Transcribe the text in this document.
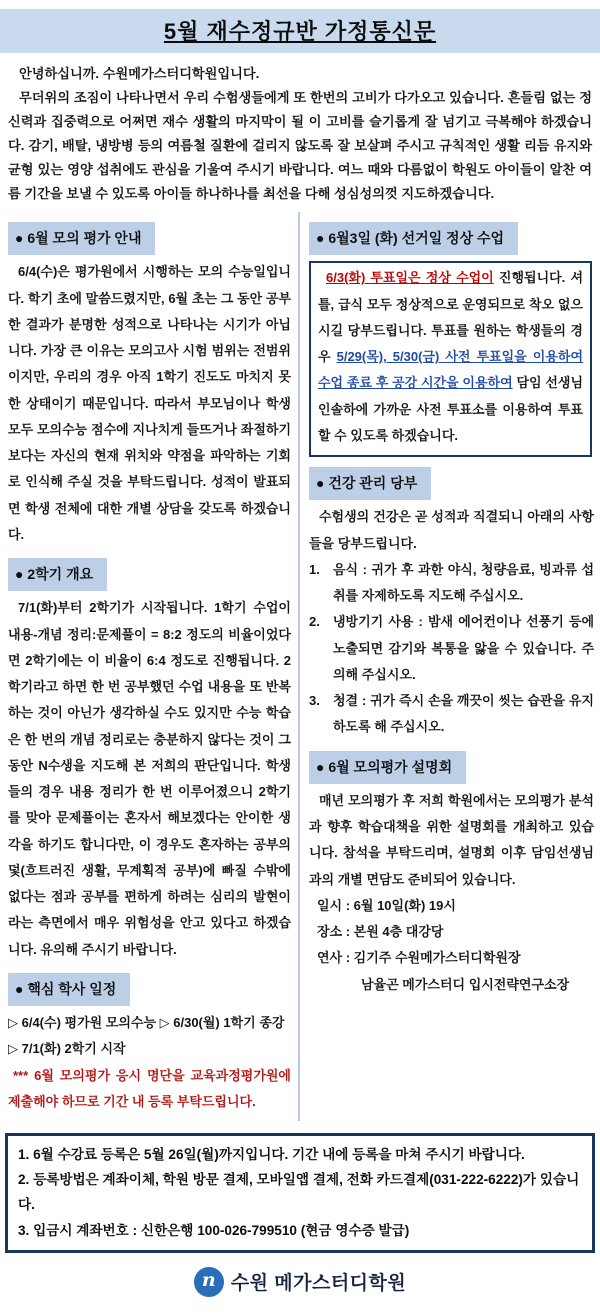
5월 재수정규반 가정통신문

안녕하십니까. 수원메가스터디학원입니다.

무더위의 조짐이 나타나면서 우리 수험생들에게 또 한번의 고비가 다가오고 있습니다. 흔들림 없는 정신력과 집중력으로 어쩌면 재수 생활의 마지막이 될 이 고비를 슬기롭게 잘 넘기고 극복해야 하겠습니다. 감기, 배탈, 냉방병 등의 여름철 질환에 걸리지 않도록 잘 보살펴 주시고 규칙적인 생활 리듬 유지와 균형 있는 영양 섭취에도 관심을 기울여 주시기 바랍니다. 여느 때와 다름없이 학원도 아이들이 알찬 여름 기간을 보낼 수 있도록 아이들 하나하나를 최선을 다해 성심성의껏 지도하겠습니다.

● 6월 모의 평가 안내

6/4(수)은 평가원에서 시행하는 모의 수능일입니다. 학기 초에 말씀드렸지만, 6월 초는 그 동안 공부한 결과가 분명한 성적으로 나타나는 시기가 아닙니다. 가장 큰 이유는 모의고사 시험 범위는 전범위이지만, 우리의 경우 아직 1학기 진도도 마치지 못한 상태이기 때문입니다. 따라서 부모님이나 학생 모두 모의수능 점수에 지나치게 들뜨거나 좌절하기보다는 자신의 현재 위치와 약점을 파악하는 기회로 인식해 주실 것을 부탁드립니다. 성적이 발표되면 학생 전체에 대한 개별 상담을 갖도록 하겠습니다.

● 2학기 개요

7/1(화)부터 2학기가 시작됩니다. 1학기 수업이 내용-개념 정리:문제풀이 = 8:2 정도의 비율이었다면 2학기에는 이 비율이 6:4 정도로 진행됩니다. 2학기라고 하면 한 번 공부했던 수업 내용을 또 반복하는 것이 아닌가 생각하실 수도 있지만 수능 학습은 한 번의 개념 정리로는 충분하지 않다는 것이 그 동안 N수생을 지도해 본 저희의 판단입니다. 학생들의 경우 내용 정리가 한 번 이루어졌으니 2학기를 맞아 문제풀이는 혼자서 해보겠다는 안이한 생각을 하기도 합니다만, 이 경우도 혼자하는 공부의 덫(흐트러진 생활, 무계획적 공부)에 빠질 수밖에 없다는 점과 공부를 편하게 하려는 심리의 발현이라는 측면에서 매우 위험성을 안고 있다고 하겠습니다. 유의해 주시기 바랍니다.

● 핵심 학사 일정

▷ 6/4(수) 평가원 모의수능 ▷ 6/30(월) 1학기 종강

▷ 7/1(화) 2학기 시작

*** 6월 모의평가 응시 명단을 교육과정평가원에 제출해야 하므로 기간 내 등록 부탁드립니다.

● 6월3일 (화) 선거일 정상 수업

6/3(화) 투표일은 정상 수업이 진행됩니다. 셔틀, 급식 모두 정상적으로 운영되므로 착오 없으시길 당부드립니다. 투표를 원하는 학생들의 경우 5/29(목), 5/30(금) 사전 투표일을 이용하여 수업 종료 후 공강 시간을 이용하여 담임 선생님 인솔하에 가까운 사전 투표소를 이용하여 투표할 수 있도록 하겠습니다.

● 건강 관리 당부

수험생의 건강은 곧 성적과 직결되니 아래의 사항들을 당부드립니다.

1.	음식 : 귀가 후 과한 야식, 청량음료, 빙과류 섭취를 자제하도록 지도해 주십시오.
2.	냉방기기 사용 : 밤새 에어컨이나 선풍기 등에 노출되면 감기와 복통을 앓을 수 있습니다. 주의해 주십시오.
3.	청결 : 귀가 즉시 손을 깨끗이 씻는 습관을 유지하도록 해 주십시오.
● 6월 모의평가 설명회

매년 모의평가 후 저희 학원에서는 모의평가 분석과 향후 학습대책을 위한 설명회를 개최하고 있습니다. 참석을 부탁드리며, 설명회 이후 담임선생님과의 개별 면담도 준비되어 있습니다.

일시 : 6월 10일(화) 19시

장소 : 본원 4층 대강당

연사 : 김기주 수원메가스터디학원장

남율곤 메가스터디 입시전략연구소장

1. 6월 수강료 등록은 5월 26일(월)까지입니다. 기간 내에 등록을 마쳐 주시기 바랍니다.

2. 등록방법은 계좌이체, 학원 방문 결제, 모바일앱 결제, 전화 카드결제(031-222-6222)가 있습니다.

3. 입금시 계좌번호 : 신한은행 100-026-799510 (현금 영수증 발급)

n 수원 메가스터디학원
